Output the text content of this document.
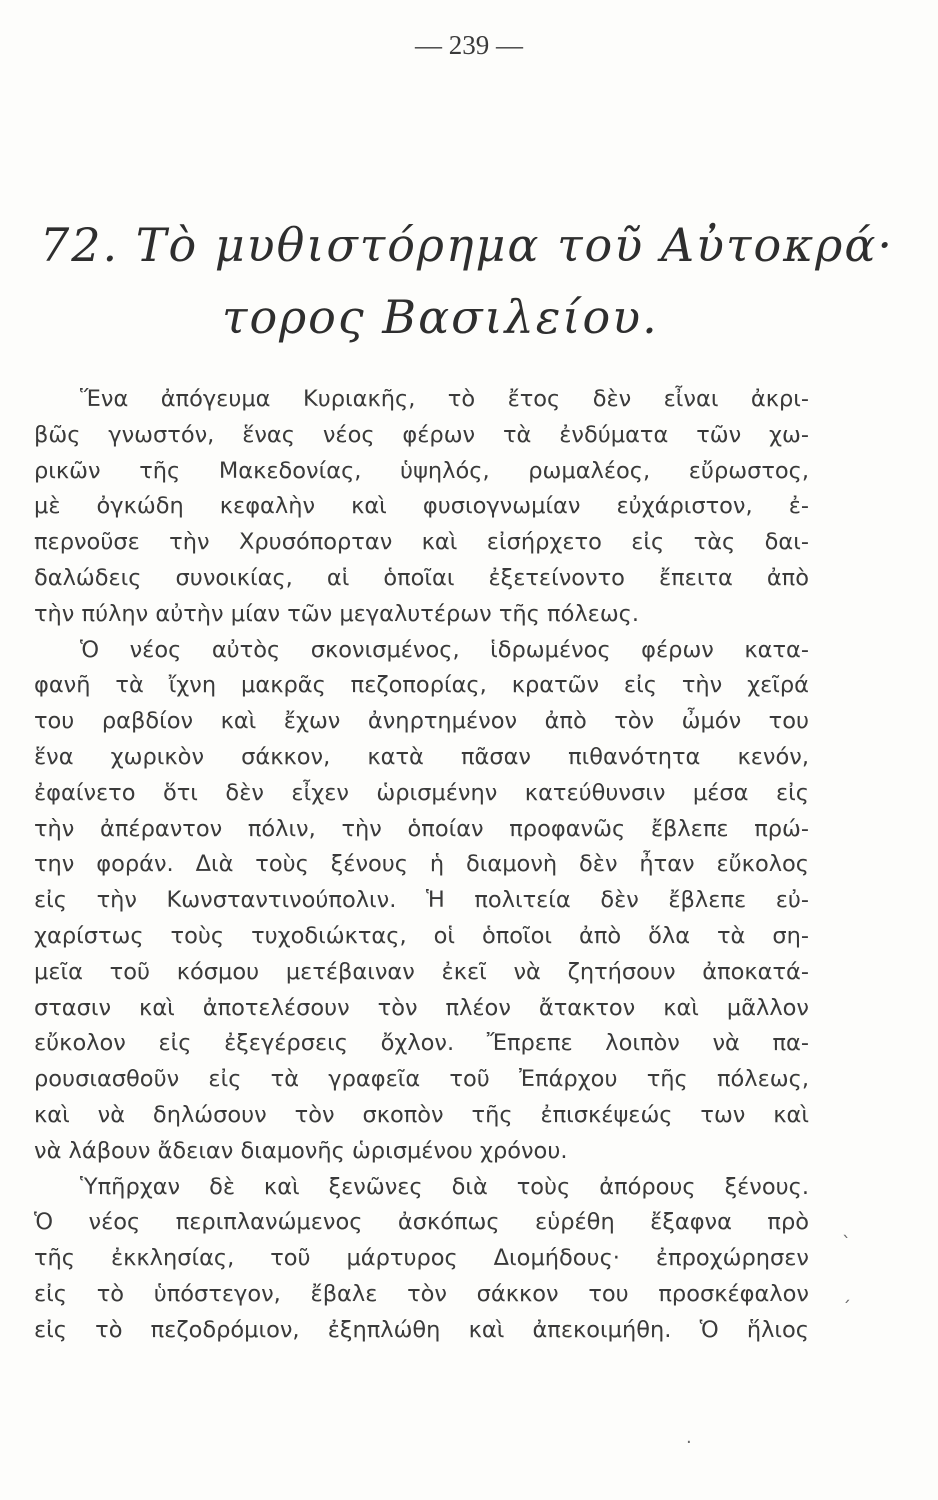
— 239 —
72. Τὸ μυθιστόρημα τοῦ Αὐτοκρά·
τορος Βασιλείου.
Ἕνα ἀπόγευμα Κυριακῆς, τὸ ἔτος δὲν εἶναι ἀκρι-
βῶς γνωστόν, ἕνας νέος φέρων τὰ ἐνδύματα τῶν χω-
ρικῶν τῆς Μακεδονίας, ὑψηλός, ρωμαλέος, εὔρωστος,
μὲ ὀγκώδη κεφαλὴν καὶ φυσιογνωμίαν εὐχάριστον, ἐ-
περνοῦσε τὴν Χρυσόπορταν καὶ εἰσήρχετο εἰς τὰς δαι-
δαλώδεις συνοικίας, αἱ ὁποῖαι ἐξετείνοντο ἔπειτα ἀπὸ
τὴν πύλην αὐτὴν μίαν τῶν μεγαλυτέρων τῆς πόλεως.
Ὁ νέος αὐτὸς σκονισμένος, ἱδρωμένος φέρων κατα-
φανῆ τὰ ἴχνη μακρᾶς πεζοπορίας, κρατῶν εἰς τὴν χεῖρά
του ραβδίον καὶ ἔχων ἀνηρτημένον ἀπὸ τὸν ὦμόν του
ἕνα χωρικὸν σάκκον, κατὰ πᾶσαν πιθανότητα κενόν,
ἐφαίνετο ὅτι δὲν εἶχεν ὡρισμένην κατεύθυνσιν μέσα εἰς
τὴν ἀπέραντον πόλιν, τὴν ὁποίαν προφανῶς ἔβλεπε πρώ-
την φοράν. Διὰ τοὺς ξένους ἡ διαμονὴ δὲν ἦταν εὔκολος
εἰς τὴν Κωνσταντινούπολιν. Ἡ πολιτεία δὲν ἔβλεπε εὐ-
χαρίστως τοὺς τυχοδιώκτας, οἱ ὁποῖοι ἀπὸ ὅλα τὰ ση-
μεῖα τοῦ κόσμου μετέβαιναν ἐκεῖ νὰ ζητήσουν ἀποκατά-
στασιν καὶ ἀποτελέσουν τὸν πλέον ἄτακτον καὶ μᾶλλον
εὔκολον εἰς ἐξεγέρσεις ὄχλον. Ἔπρεπε λοιπὸν νὰ πα-
ρουσιασθοῦν εἰς τὰ γραφεῖα τοῦ Ἐπάρχου τῆς πόλεως,
καὶ νὰ δηλώσουν τὸν σκοπὸν τῆς ἐπισκέψεώς των καὶ
νὰ λάβουν ἄδειαν διαμονῆς ὡρισμένου χρόνου.
Ὑπῆρχαν δὲ καὶ ξενῶνες διὰ τοὺς ἀπόρους ξένους.
Ὁ νέος περιπλανώμενος ἀσκόπως εὑρέθη ἔξαφνα πρὸ
τῆς ἐκκλησίας, τοῦ μάρτυρος Διομήδους· ἐπροχώρησεν
εἰς τὸ ὑπόστεγον, ἔβαλε τὸν σάκκον του προσκέφαλον
εἰς τὸ πεζοδρόμιον, ἐξηπλώθη καὶ ἀπεκοιμήθη. Ὁ ἥλιος
ˎ
ˏ
·
